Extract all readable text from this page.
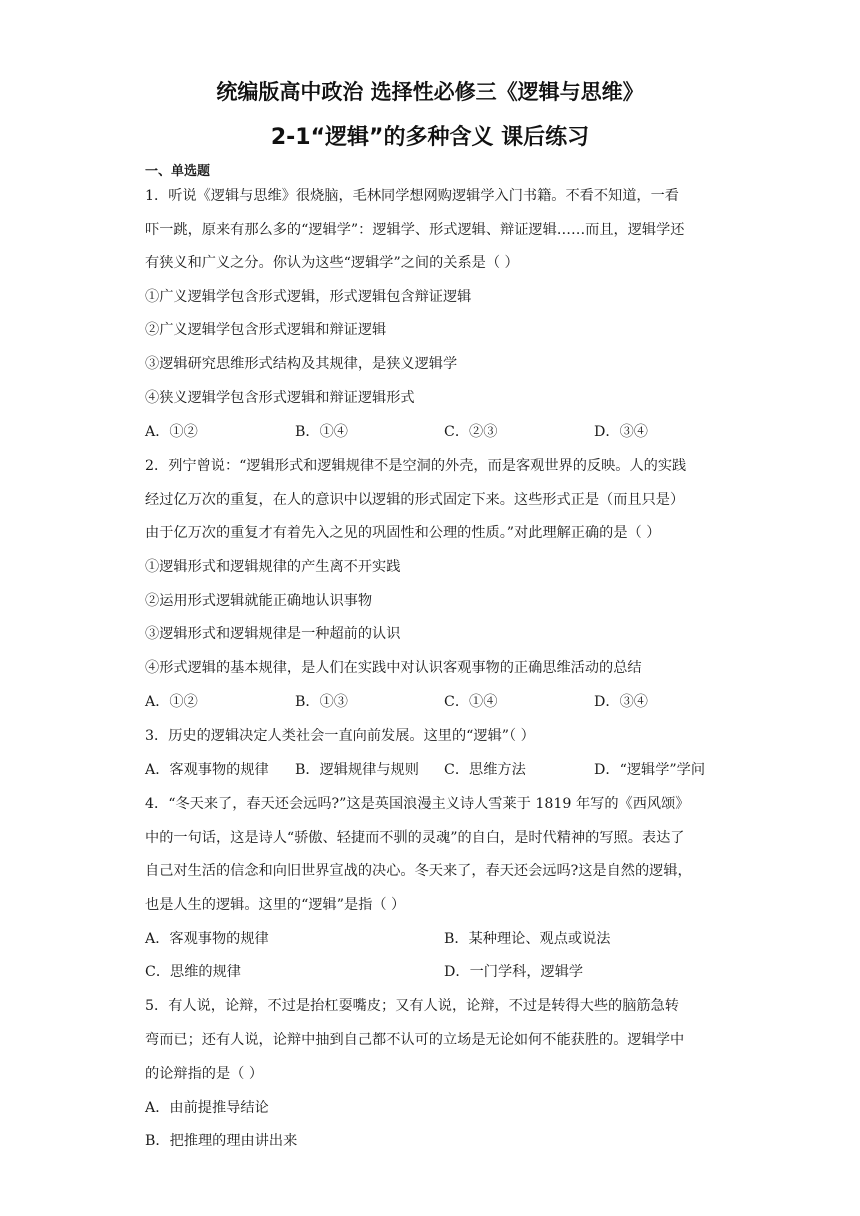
统编版高中政治 选择性必修三《逻辑与思维》
2-1“逻辑”的多种含义 课后练习
一、单选题
1．听说《逻辑与思维》很烧脑，毛林同学想网购逻辑学入门书籍。不看不知道，一看
吓一跳，原来有那么多的“逻辑学”：逻辑学、形式逻辑、辩证逻辑……而且，逻辑学还
有狭义和广义之分。你认为这些“逻辑学”之间的关系是（ ）
①广义逻辑学包含形式逻辑，形式逻辑包含辩证逻辑
②广义逻辑学包含形式逻辑和辩证逻辑
③逻辑研究思维形式结构及其规律，是狭义逻辑学
④狭义逻辑学包含形式逻辑和辩证逻辑形式
A．①②	B．①④	C．②③	D．③④
2．列宁曾说：“逻辑形式和逻辑规律不是空洞的外壳，而是客观世界的反映。人的实践
经过亿万次的重复，在人的意识中以逻辑的形式固定下来。这些形式正是（而且只是）
由于亿万次的重复才有着先入之见的巩固性和公理的性质。”对此理解正确的是（ ）
①逻辑形式和逻辑规律的产生离不开实践
②运用形式逻辑就能正确地认识事物
③逻辑形式和逻辑规律是一种超前的认识
④形式逻辑的基本规律，是人们在实践中对认识客观事物的正确思维活动的总结
A．①②	B．①③	C．①④	D．③④
3．历史的逻辑决定人类社会一直向前发展。这里的“逻辑”（ ）
A．客观事物的规律 B．逻辑规律与规则 C．思维方法	D．“逻辑学”学问
4．“冬天来了，春天还会远吗?”这是英国浪漫主义诗人雪莱于 1819 年写的《西风颂》
中的一句话，这是诗人“骄傲、轻捷而不驯的灵魂”的自白，是时代精神的写照。表达了
自己对生活的信念和向旧世界宣战的决心。冬天来了，春天还会远吗?这是自然的逻辑，
也是人生的逻辑。这里的“逻辑”是指（ ）
A．客观事物的规律	B．某种理论、观点或说法
C．思维的规律	D．一门学科，逻辑学
5．有人说，论辩，不过是抬杠耍嘴皮；又有人说，论辩，不过是转得大些的脑筋急转
弯而已；还有人说，论辩中抽到自己都不认可的立场是无论如何不能获胜的。逻辑学中
的论辩指的是（ ）
A．由前提推导结论
B．把推理的理由讲出来
